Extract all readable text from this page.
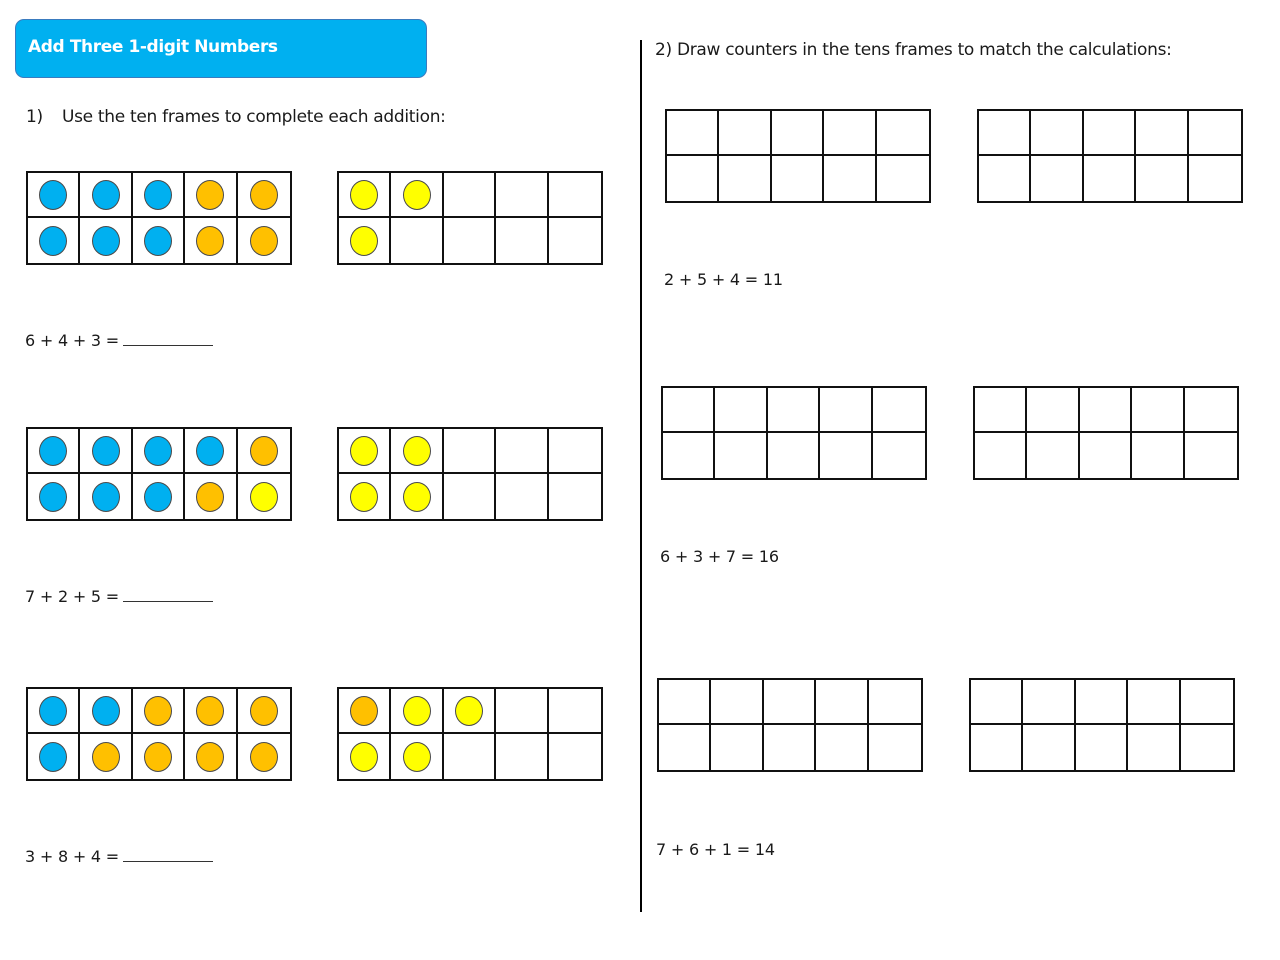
Add Three 1-digit Numbers
1) Use the ten frames to complete each addition:
2) Draw counters in the tens frames to match the calculations:
6 + 4 + 3 =
7 + 2 + 5 =
3 + 8 + 4 =
2 + 5 + 4 = 11
6 + 3 + 7 = 16
7 + 6 + 1 = 14
